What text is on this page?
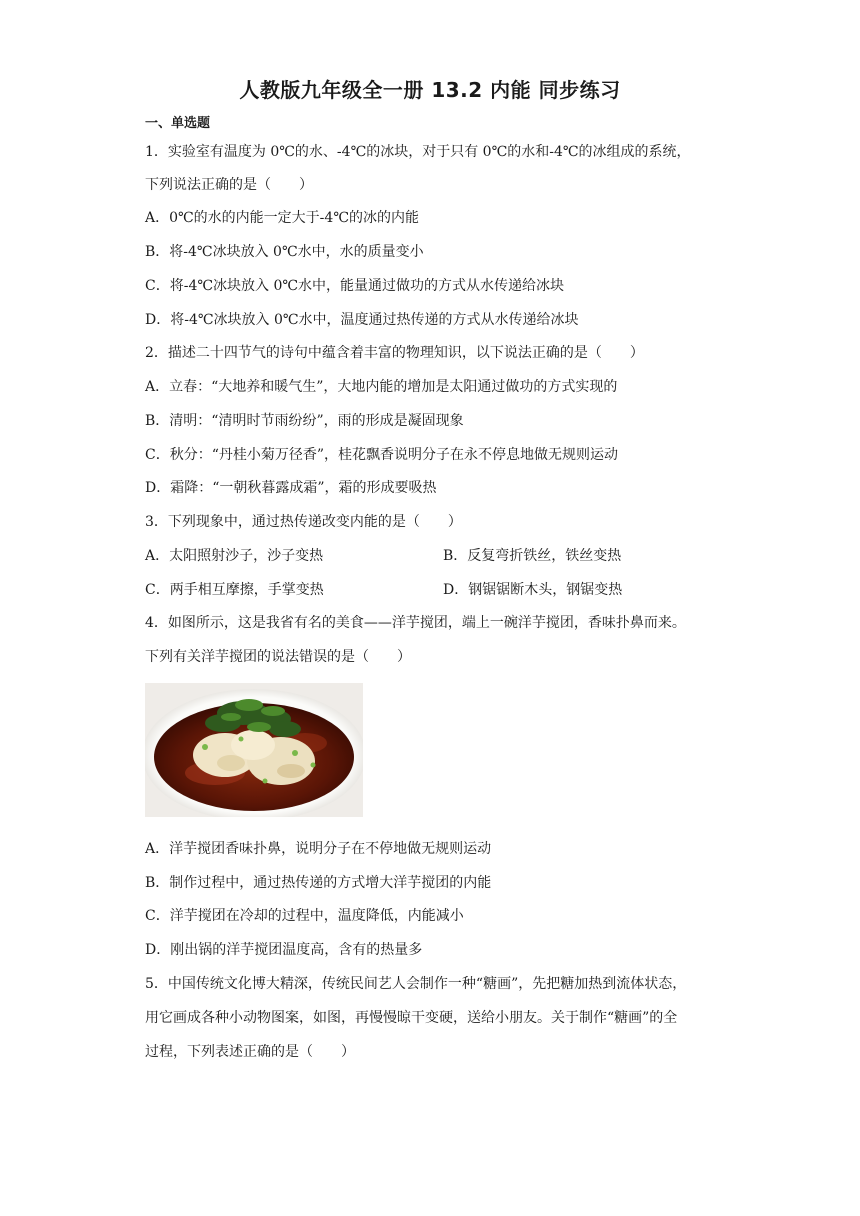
人教版九年级全一册 13.2 内能 同步练习
一、单选题
1．实验室有温度为 0℃的水、-4℃的冰块，对于只有 0℃的水和-4℃的冰组成的系统，
下列说法正确的是（　　）
A．0℃的水的内能一定大于-4℃的冰的内能
B．将-4℃冰块放入 0℃水中，水的质量变小
C．将-4℃冰块放入 0℃水中，能量通过做功的方式从水传递给冰块
D．将-4℃冰块放入 0℃水中，温度通过热传递的方式从水传递给冰块
2．描述二十四节气的诗句中蕴含着丰富的物理知识，以下说法正确的是（　　）
A．立春：“大地养和暖气生”，大地内能的增加是太阳通过做功的方式实现的
B．清明：“清明时节雨纷纷”，雨的形成是凝固现象
C．秋分：“丹桂小菊万径香”，桂花飘香说明分子在永不停息地做无规则运动
D．霜降：“一朝秋暮露成霜”，霜的形成要吸热
3．下列现象中，通过热传递改变内能的是（　　）
A．太阳照射沙子，沙子变热	B．反复弯折铁丝，铁丝变热
C．两手相互摩擦，手掌变热	D．钢锯锯断木头，钢锯变热
4．如图所示，这是我省有名的美食——洋芋搅团，端上一碗洋芋搅团，香味扑鼻而来。
下列有关洋芋搅团的说法错误的是（　　）
A．洋芋搅团香味扑鼻，说明分子在不停地做无规则运动
B．制作过程中，通过热传递的方式增大洋芋搅团的内能
C．洋芋搅团在冷却的过程中，温度降低，内能减小
D．刚出锅的洋芋搅团温度高，含有的热量多
5．中国传统文化博大精深，传统民间艺人会制作一种“糖画”，先把糖加热到流体状态，
用它画成各种小动物图案，如图，再慢慢晾干变硬，送给小朋友。关于制作“糖画”的全
过程，下列表述正确的是（　　）
